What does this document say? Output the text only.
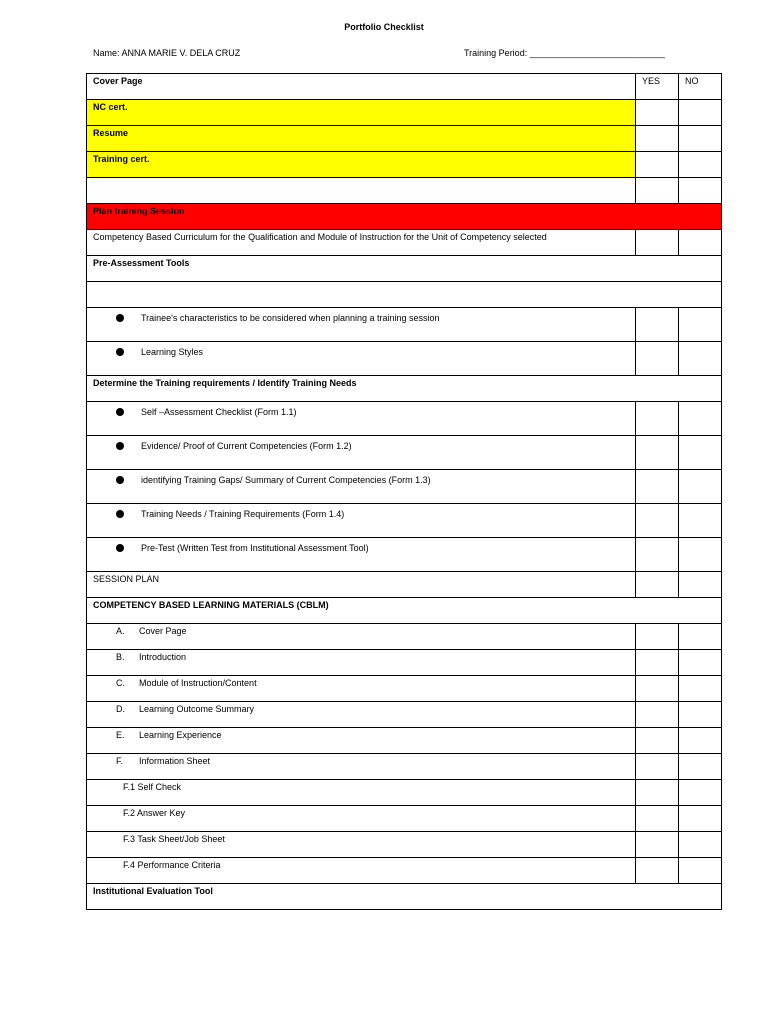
Portfolio Checklist
Name: ANNA MARIE V. DELA CRUZ	Training Period: ___________________________
Cover Page	YES	NO

NC cert.		

Resume		

Training cert.		

Plan training Session		

Competency Based Curriculum for the Qualification and Module of Instruction for the Unit of Competency selected		

Pre-Assessment Tools		

Trainee's characteristics to be considered when planning a training session		

Learning Styles		

Determine the Training requirements / Identify Training Needs		

Self –Assessment Checklist (Form 1.1)		

Evidence/ Proof of Current Competencies (Form 1.2)		

identifying Training Gaps/ Summary of Current Competencies (Form 1.3)		

Training Needs / Training Requirements (Form 1.4)		

Pre-Test (Written Test from Institutional Assessment Tool)		

SESSION PLAN		

COMPETENCY BASED LEARNING MATERIALS (CBLM)		

A. Cover Page		

B. Introduction		

C. Module of Instruction/Content		

D. Learning Outcome Summary		

E. Learning Experience		

F. Information Sheet		

F.1 Self Check		

F.2 Answer Key		

F.3 Task Sheet/Job Sheet		

F.4 Performance Criteria		

Institutional Evaluation Tool		
